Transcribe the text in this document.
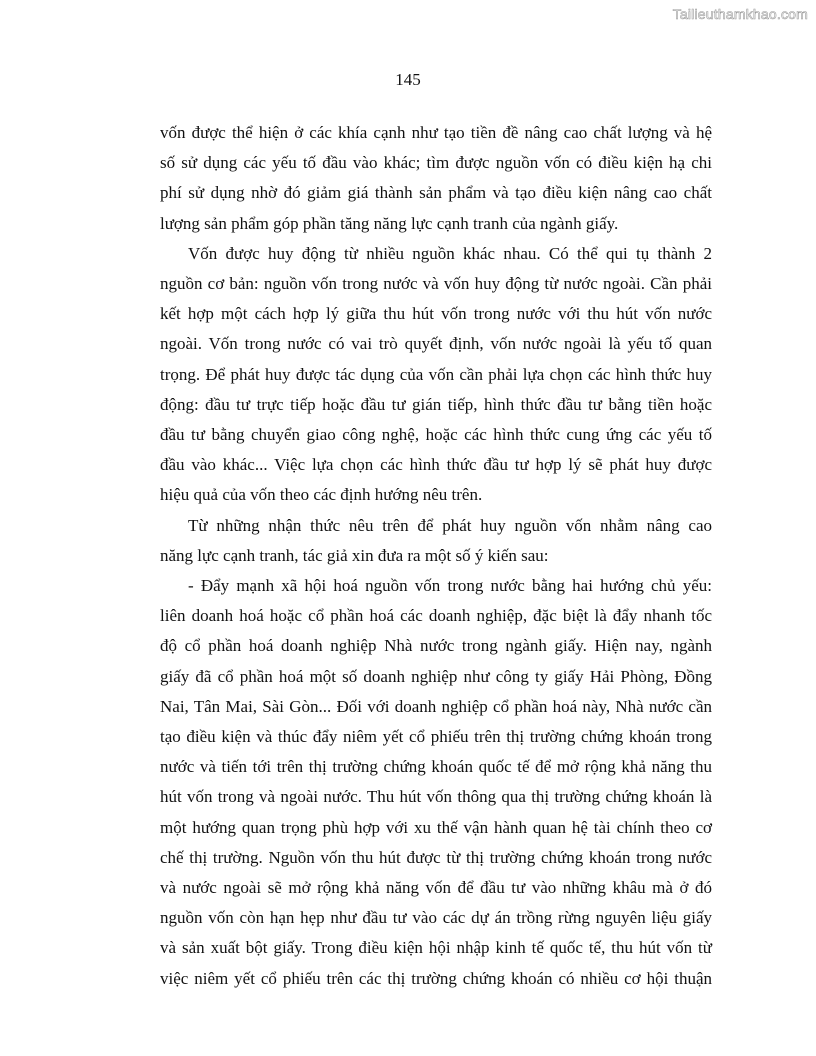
Tailieuthamkhao.com
145

vốn được thể hiện ở các khía cạnh như tạo tiền đề nâng cao chất lượng và hệ
số sử dụng các yếu tố đầu vào khác; tìm được nguồn vốn có điều kiện hạ chi
phí sử dụng nhờ đó giảm giá thành sản phẩm và tạo điều kiện nâng cao chất
lượng sản phẩm góp phần tăng năng lực cạnh tranh của ngành giấy.

Vốn được huy động từ nhiều nguồn khác nhau. Có thể qui tụ thành 2
nguồn cơ bản: nguồn vốn trong nước và vốn huy động từ nước ngoài. Cần phải
kết hợp một cách hợp lý giữa thu hút vốn trong nước với thu hút vốn nước
ngoài. Vốn trong nước có vai trò quyết định, vốn nước ngoài là yếu tố quan
trọng. Để phát huy được tác dụng của vốn cần phải lựa chọn các hình thức huy
động: đầu tư trực tiếp hoặc đầu tư gián tiếp, hình thức đầu tư bằng tiền hoặc
đầu tư bằng chuyển giao công nghệ, hoặc các hình thức cung ứng các yếu tố
đầu vào khác... Việc lựa chọn các hình thức đầu tư hợp lý sẽ phát huy được
hiệu quả của vốn theo các định hướng nêu trên.

Từ những nhận thức nêu trên để phát huy nguồn vốn nhằm nâng cao
năng lực cạnh tranh, tác giả xin đưa ra một số ý kiến sau:

- Đẩy mạnh xã hội hoá nguồn vốn trong nước bằng hai hướng chủ yếu:
liên doanh hoá hoặc cổ phần hoá các doanh nghiệp, đặc biệt là đẩy nhanh tốc
độ cổ phần hoá doanh nghiệp Nhà nước trong ngành giấy. Hiện nay, ngành
giấy đã cổ phần hoá một số doanh nghiệp như công ty giấy Hải Phòng, Đồng
Nai, Tân Mai, Sài Gòn... Đối với doanh nghiệp cổ phần hoá này, Nhà nước cần
tạo điều kiện và thúc đẩy niêm yết cổ phiếu trên thị trường chứng khoán trong
nước và tiến tới trên thị trường chứng khoán quốc tế để mở rộng khả năng thu
hút vốn trong và ngoài nước. Thu hút vốn thông qua thị trường chứng khoán là
một hướng quan trọng phù hợp với xu thế vận hành quan hệ tài chính theo cơ
chế thị trường. Nguồn vốn thu hút được từ thị trường chứng khoán trong nước
và nước ngoài sẽ mở rộng khả năng vốn để đầu tư vào những khâu mà ở đó
nguồn vốn còn hạn hẹp như đầu tư vào các dự án trồng rừng nguyên liệu giấy
và sản xuất bột giấy. Trong điều kiện hội nhập kinh tế quốc tế, thu hút vốn từ
việc niêm yết cổ phiếu trên các thị trường chứng khoán có nhiều cơ hội thuận
